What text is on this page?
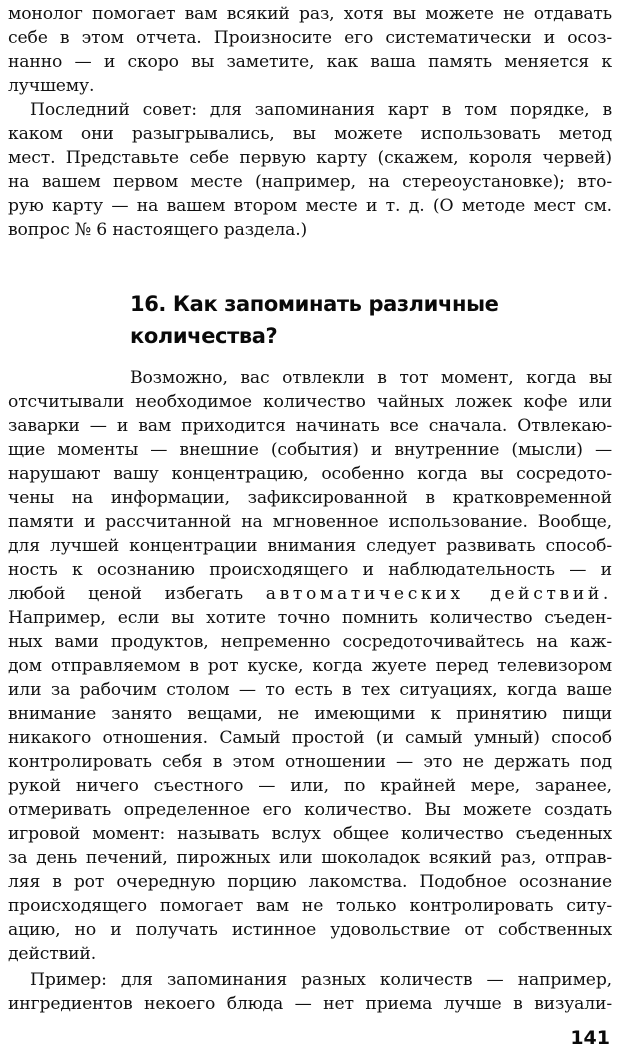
монолог помогает вам всякий раз, хотя вы можете не отдавать
себе в этом отчета. Произносите его систематически и осоз-
нанно — и скоро вы заметите, как ваша память меняется к
лучшему.
Последний совет: для запоминания карт в том порядке, в
каком они разыгрывались, вы можете использовать метод
мест. Представьте себе первую карту (скажем, короля червей)
на вашем первом месте (например, на стереоустановке); вто-
рую карту — на вашем втором месте и т. д. (О методе мест см.
вопрос № 6 настоящего раздела.)
16. Как запоминать различные
количества?
Возможно, вас отвлекли в тот момент, когда вы
отсчитывали необходимое количество чайных ложек кофе или
заварки — и вам приходится начинать все сначала. Отвлекаю-
щие моменты — внешние (события) и внутренние (мысли) —
нарушают вашу концентрацию, особенно когда вы сосредото-
чены на информации, зафиксированной в кратковременной
памяти и рассчитанной на мгновенное использование. Вообще,
для лучшей концентрации внимания следует развивать способ-
ность к осознанию происходящего и наблюдательность — и
любой ценой избегать автоматических действий.
Например, если вы хотите точно помнить количество съеден-
ных вами продуктов, непременно сосредоточивайтесь на каж-
дом отправляемом в рот куске, когда жуете перед телевизором
или за рабочим столом — то есть в тех ситуациях, когда ваше
внимание занято вещами, не имеющими к принятию пищи
никакого отношения. Самый простой (и самый умный) способ
контролировать себя в этом отношении — это не держать под
рукой ничего съестного — или, по крайней мере, заранее,
отмеривать определенное его количество. Вы можете создать
игровой момент: называть вслух общее количество съеденных
за день печений, пирожных или шоколадок всякий раз, отправ-
ляя в рот очередную порцию лакомства. Подобное осознание
происходящего помогает вам не только контролировать ситу-
ацию, но и получать истинное удовольствие от собственных
действий.
Пример: для запоминания разных количеств — например,
ингредиентов некоего блюда — нет приема лучше в визуали-
141
